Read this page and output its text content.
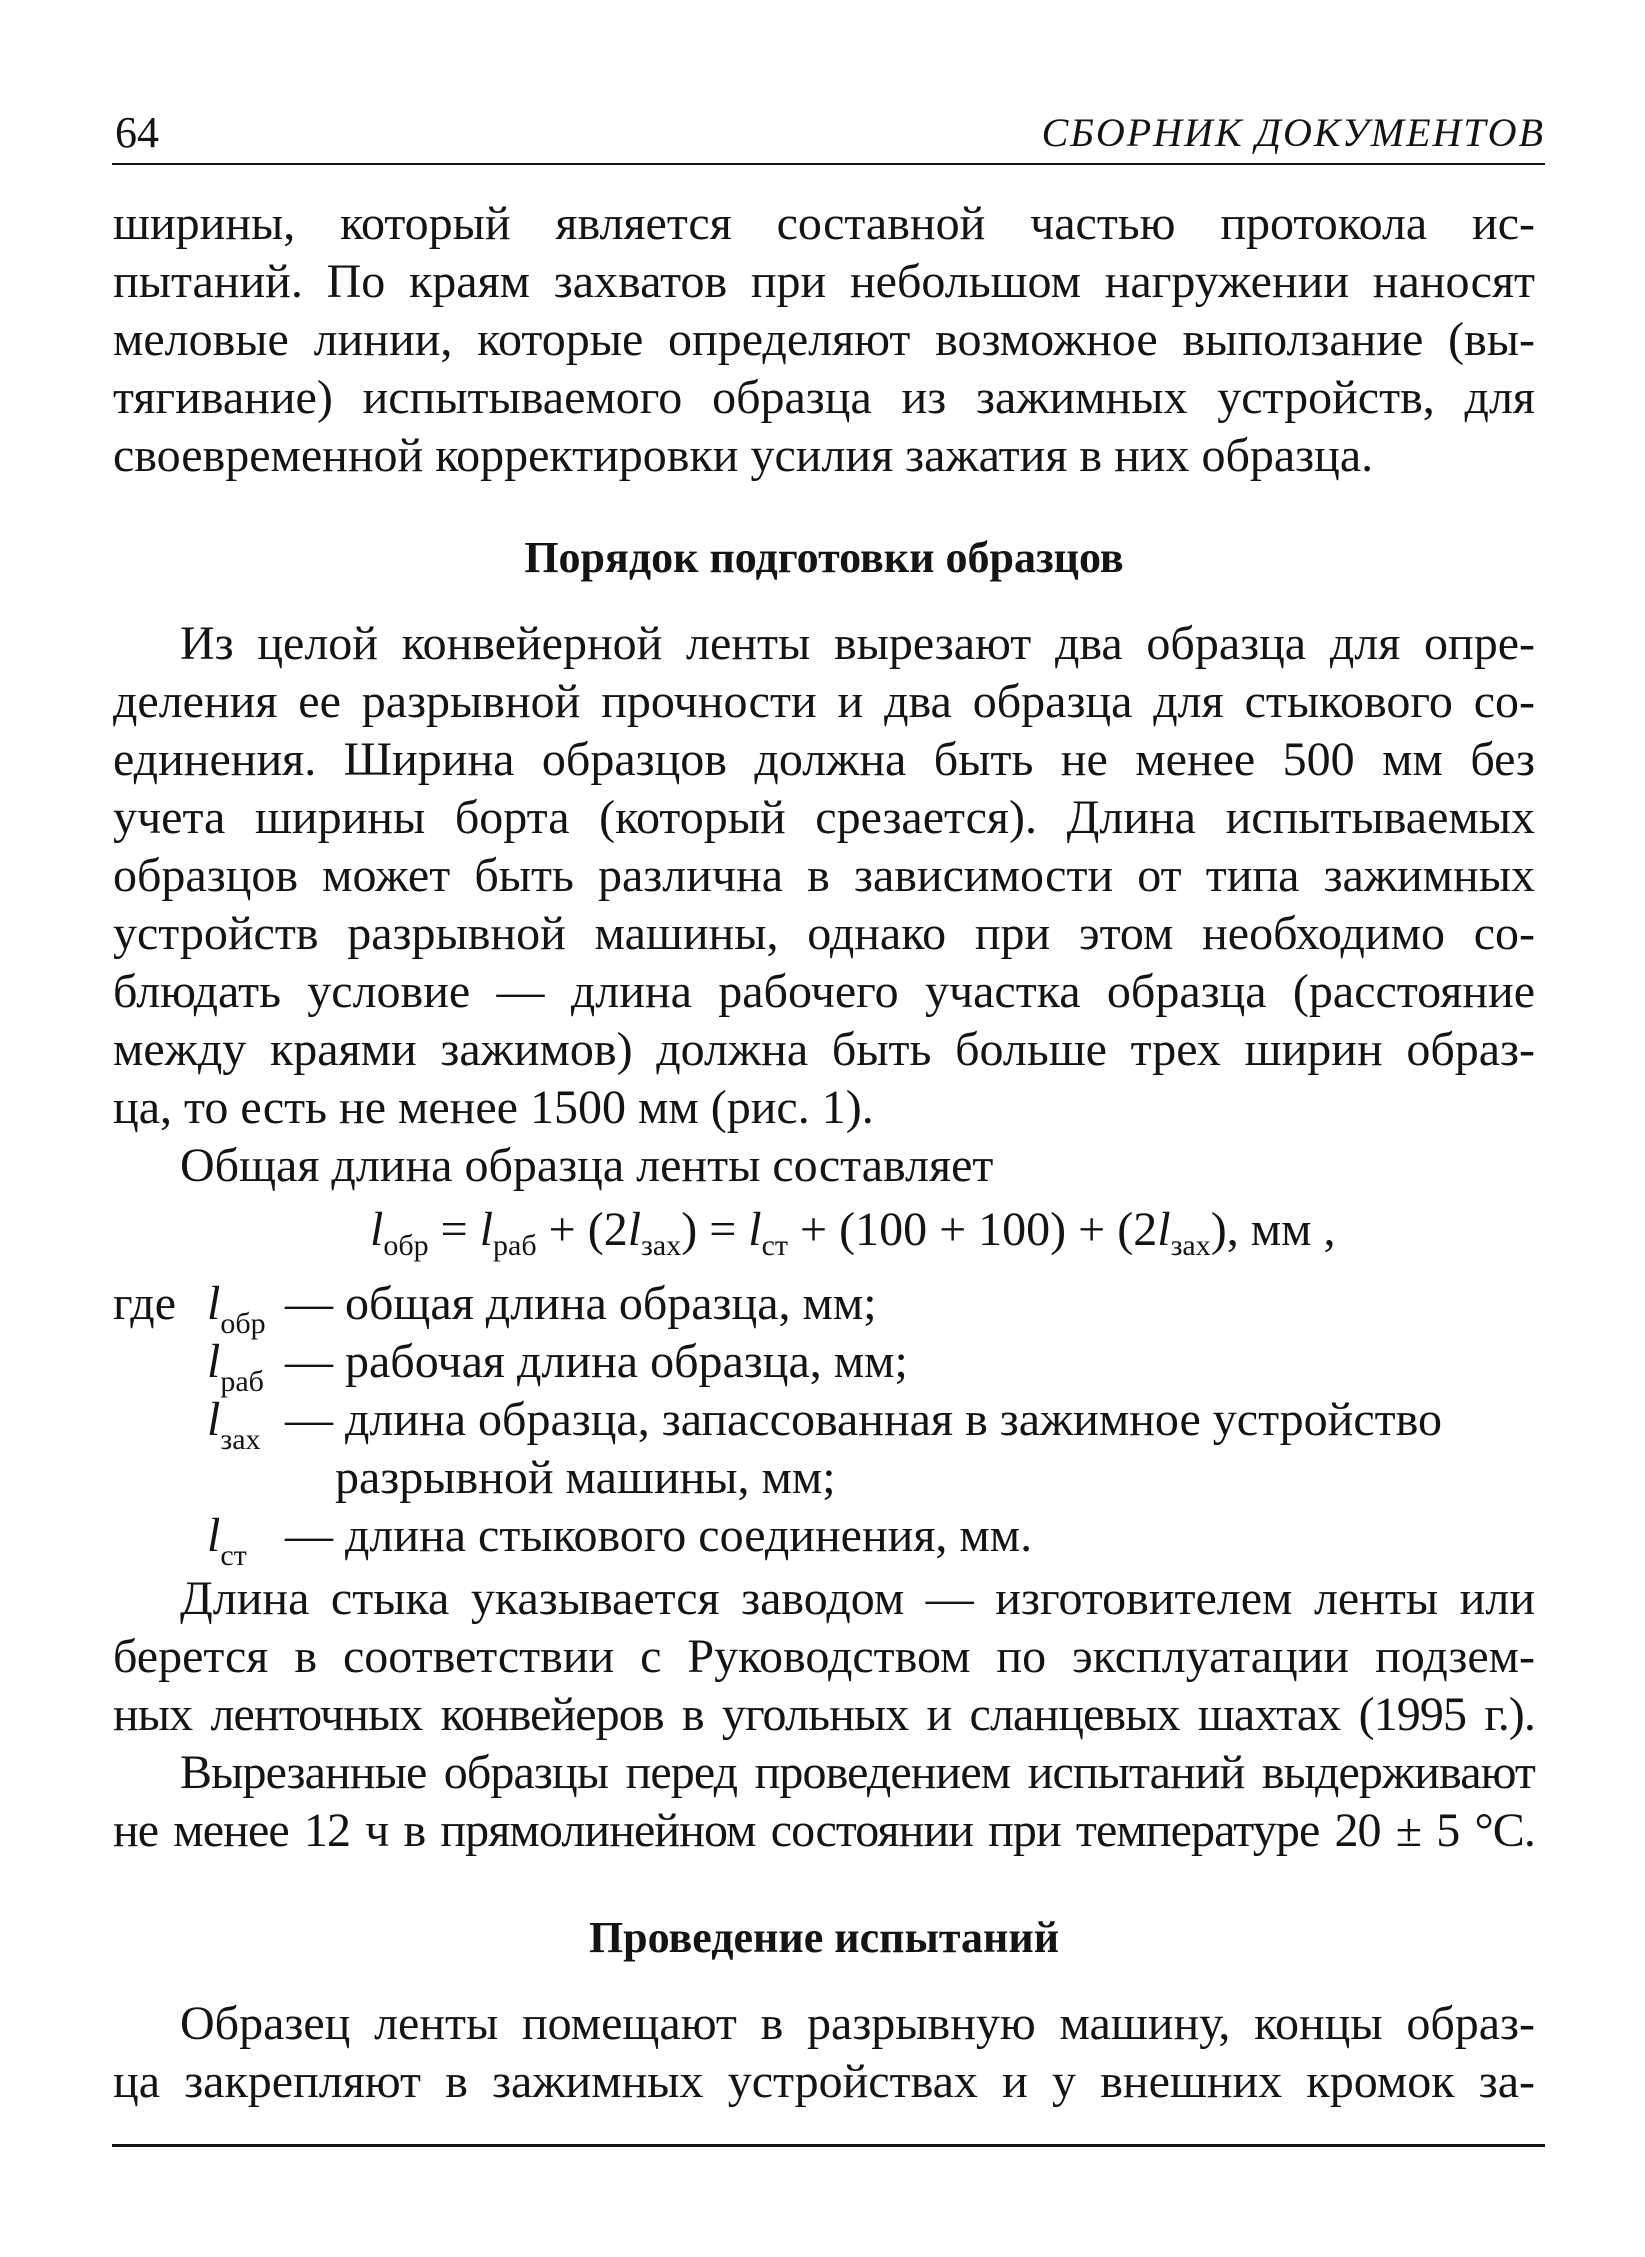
64	СБОРНИК ДОКУМЕНТОВ
ширины, который является составной частью протокола ис-
пытаний. По краям захватов при небольшом нагружении наносят
меловые линии, которые определяют возможное выползание (вы-
тягивание) испытываемого образца из зажимных устройств, для
своевременной корректировки усилия зажатия в них образца.
Порядок подготовки образцов
Из целой конвейерной ленты вырезают два образца для опре-
деления ее разрывной прочности и два образца для стыкового со-
единения. Ширина образцов должна быть не менее 500 мм без
учета ширины борта (который срезается). Длина испытываемых
образцов может быть различна в зависимости от типа зажимных
устройств разрывной машины, однако при этом необходимо со-
блюдать условие — длина рабочего участка образца (расстояние
между краями зажимов) должна быть больше трех ширин образ-
ца, то есть не менее 1500 мм (рис. 1).
Общая длина образца ленты составляет
$l_{обр} = l_{раб} + (2l_{зах}) = l_{ст} + (100 + 100) + (2l_{зах})$, мм ,
где $l_{обр}$ — общая длина образца, мм;
$l_{раб}$ — рабочая длина образца, мм;
$l_{зах}$ — длина образца, запассованная в зажимное устройство
разрывной машины, мм;
$l_{ст}$ — длина стыкового соединения, мм.
Длина стыка указывается заводом — изготовителем ленты или
берется в соответствии с Руководством по эксплуатации подзем-
ных ленточных конвейеров в угольных и сланцевых шахтах (1995 г.).
Вырезанные образцы перед проведением испытаний выдерживают
не менее 12 ч в прямолинейном состоянии при температуре 20 ± 5 °С.
Проведение испытаний
Образец ленты помещают в разрывную машину, концы образ-
ца закрепляют в зажимных устройствах и у внешних кромок за-
